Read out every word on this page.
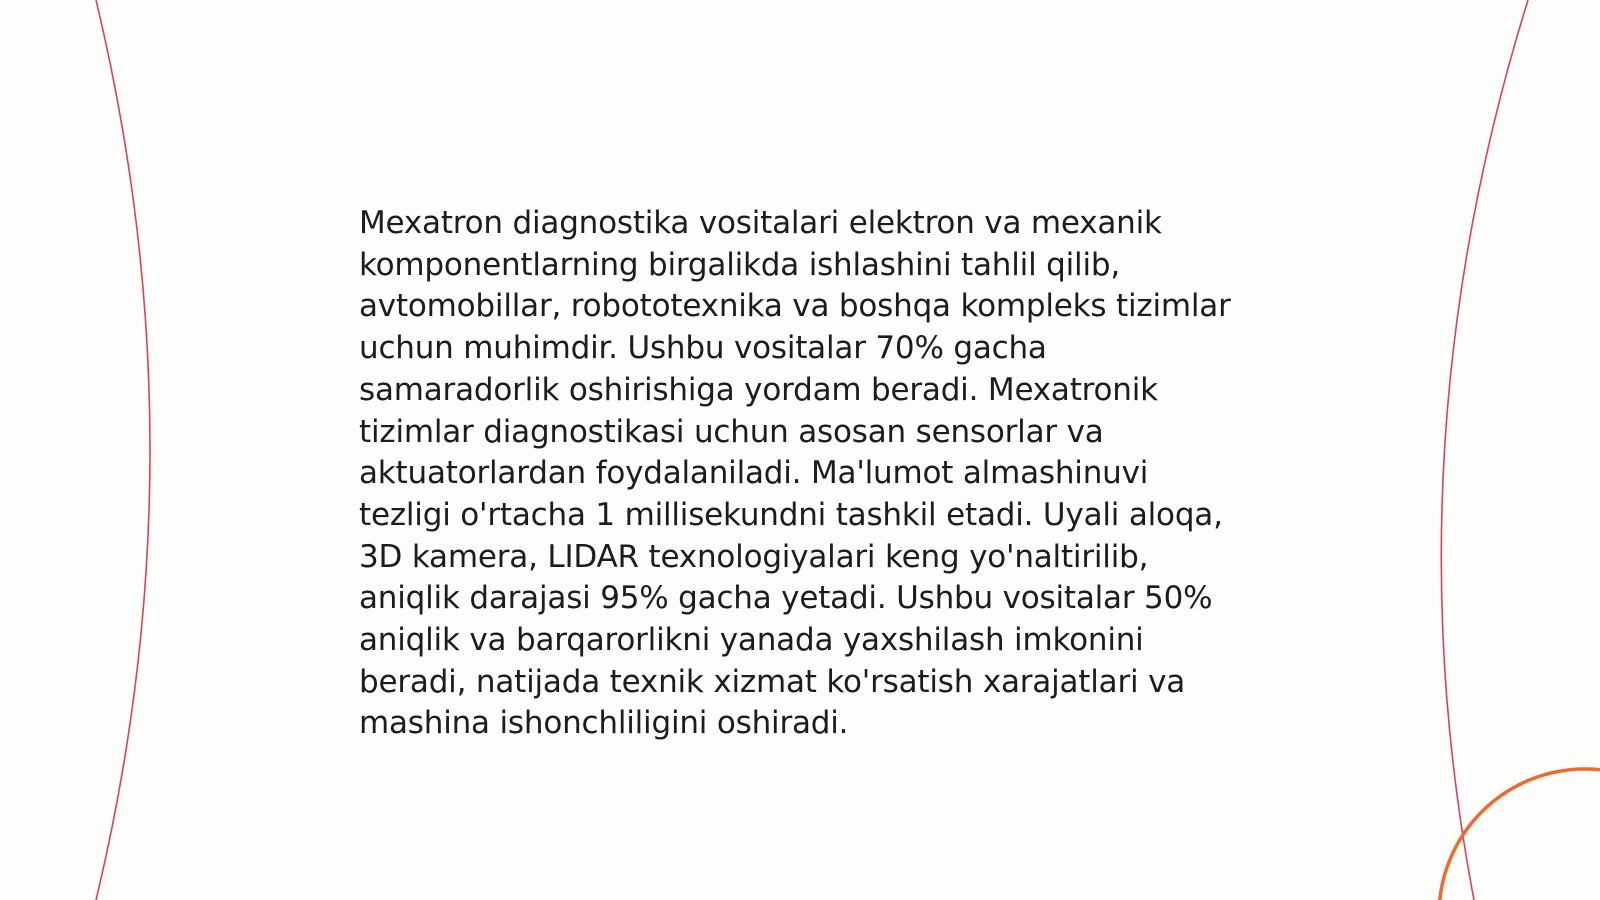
Mexatron diagnostika vositalari elektron va mexanik komponentlarning birgalikda ishlashini tahlil qilib, avtomobillar, robototexnika va boshqa kompleks tizimlar uchun muhimdir. Ushbu vositalar 70% gacha samaradorlik oshirishiga yordam beradi. Mexatronik tizimlar diagnostikasi uchun asosan sensorlar va aktuatorlardan foydalaniladi. Ma'lumot almashinuvi tezligi o'rtacha 1 millisekundni tashkil etadi. Uyali aloqa, 3D kamera, LIDAR texnologiyalari keng yo'naltirilib, aniqlik darajasi 95% gacha yetadi. Ushbu vositalar 50% aniqlik va barqarorlikni yanada yaxshilash imkonini beradi, natijada texnik xizmat ko'rsatish xarajatlari va mashina ishonchliligini oshiradi.
